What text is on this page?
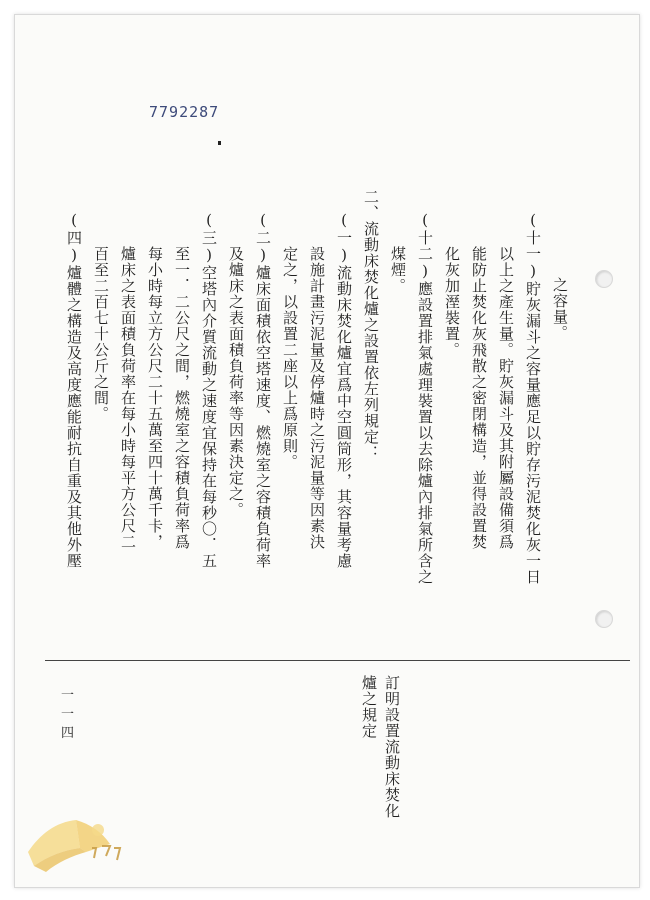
7792287
之容量。
(十一)貯灰漏斗之容量應足以貯存污泥焚化灰一日
以上之產生量。貯灰漏斗及其附屬設備須爲
能防止焚化灰飛散之密閉構造，並得設置焚
化灰加溼裝置。
(十二)應設置排氣處理裝置以去除爐內排氣所含之
煤煙。
二、流動床焚化爐之設置依左列規定：
(一)流動床焚化爐宜爲中空圓筒形，其容量考慮
設施計畫污泥量及停爐時之污泥量等因素決
定之，以設置二座以上爲原則。
(二)爐床面積依空塔速度、燃燒室之容積負荷率
及爐床之表面積負荷率等因素決定之。
(三)空塔內介質流動之速度宜保持在每秒〇．五
至一．二公尺之間，燃燒室之容積負荷率爲
每小時每立方公尺二十五萬至四十萬千卡，
爐床之表面積負荷率在每小時每平方公尺二
百至二百七十公斤之間。
(四)爐體之構造及高度應能耐抗自重及其他外壓
訂明設置流動床焚化
爐之規定
一一四
